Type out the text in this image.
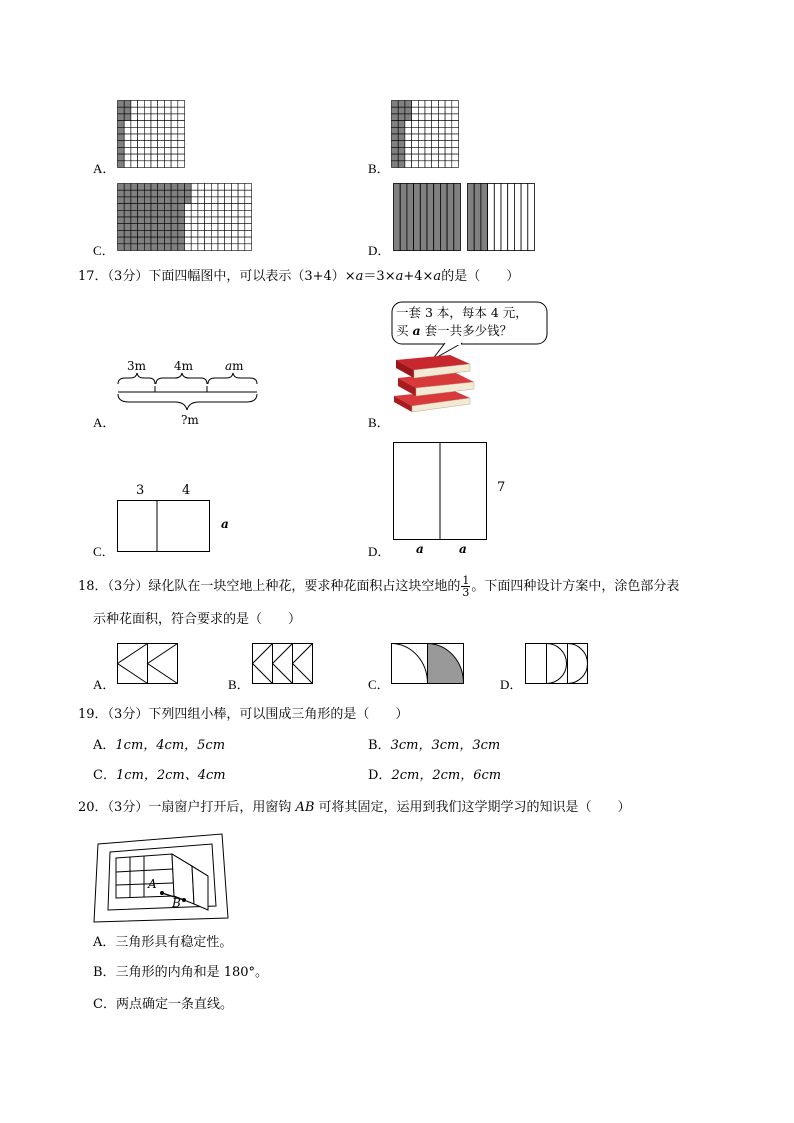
A．	B．
C．	D．
17．（3分）下面四幅图中，可以表示（3+4）×a＝3×a+4×a的是（　　）
A．
3m 4m	am
?m	B．
一套 3 本，每本 4 元，
买 a 套一共多少钱？
C．
3	4
a
D．
7
a	a
18．（3分）绿化队在一块空地上种花，要求种花面积占这块空地的 $\frac{1}{3}$ 。下面四种设计方案中，涂色部分表
示种花面积，符合要求的是（　　）
A．	B．	C．	D．
19．（3分）下列四组小棒，可以围成三角形的是（　　）
A．1cm，4cm，5cm	B．3cm，3cm，3cm
C．1cm，2cm、4cm	D．2cm，2cm，6cm
20．（3分）一扇窗户打开后，用窗钩 AB 可将其固定，运用到我们这学期学习的知识是（　　）
A
B
A．三角形具有稳定性。
B．三角形的内角和是 180°。
C．两点确定一条直线。
